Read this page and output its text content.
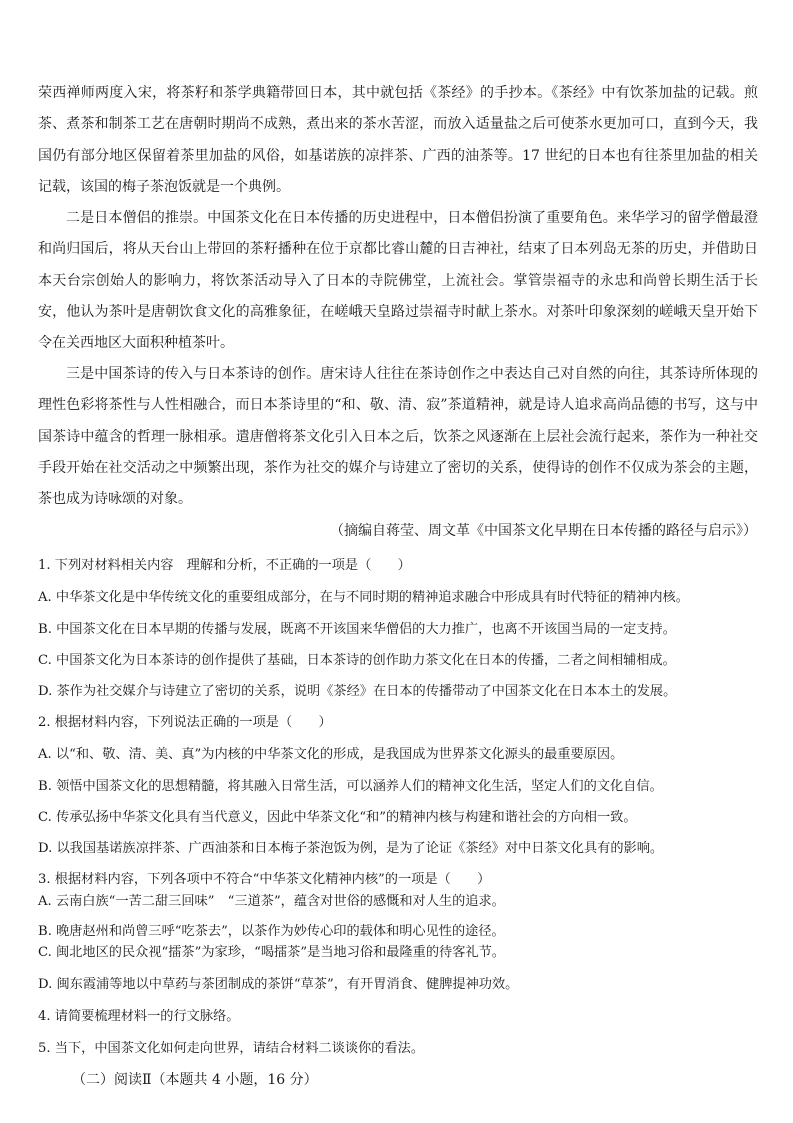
荣西禅师两度入宋，将茶籽和茶学典籍带回日本，其中就包括《茶经》的手抄本。《茶经》中有饮茶加盐的记载。煎茶、煮茶和制茶工艺在唐朝时期尚不成熟，煮出来的茶水苦涩，而放入适量盐之后可使茶水更加可口，直到今天，我国仍有部分地区保留着茶里加盐的风俗，如基诺族的凉拌茶、广西的油茶等。17 世纪的日本也有往茶里加盐的相关记载，该国的梅子茶泡饭就是一个典例。

二是日本僧侣的推崇。中国茶文化在日本传播的历史进程中，日本僧侣扮演了重要角色。来华学习的留学僧最澄和尚归国后，将从天台山上带回的茶籽播种在位于京都比睿山麓的日吉神社，结束了日本列岛无茶的历史，并借助日本天台宗创始人的影响力，将饮茶活动导入了日本的寺院佛堂，上流社会。掌管崇福寺的永忠和尚曾长期生活于长安，他认为茶叶是唐朝饮食文化的高雅象征，在嵯峨天皇路过崇福寺时献上茶水。对茶叶印象深刻的嵯峨天皇开始下令在关西地区大面积种植茶叶。

三是中国茶诗的传入与日本茶诗的创作。唐宋诗人往往在茶诗创作之中表达自己对自然的向往，其茶诗所体现的理性色彩将茶性与人性相融合，而日本茶诗里的“和、敬、清、寂”茶道精神，就是诗人追求高尚品德的书写，这与中国茶诗中蕴含的哲理一脉相承。遣唐僧将茶文化引入日本之后，饮茶之风逐渐在上层社会流行起来，茶作为一种社交手段开始在社交活动之中频繁出现，茶作为社交的媒介与诗建立了密切的关系，使得诗的创作不仅成为茶会的主题，茶也成为诗咏颂的对象。

（摘编自蒋莹、周文革《中国茶文化早期在日本传播的路径与启示》）

1. 下列对材料相关内容　理解和分析，不正确的一项是（　　）

A. 中华茶文化是中华传统文化的重要组成部分，在与不同时期的精神追求融合中形成具有时代特征的精神内核。

B. 中国茶文化在日本早期的传播与发展，既离不开该国来华僧侣的大力推广，也离不开该国当局的一定支持。

C. 中国茶文化为日本茶诗的创作提供了基础，日本茶诗的创作助力茶文化在日本的传播，二者之间相辅相成。

D. 茶作为社交媒介与诗建立了密切的关系，说明《茶经》在日本的传播带动了中国茶文化在日本本土的发展。

2. 根据材料内容，下列说法正确的一项是（　　）

A. 以“和、敬、清、美、真”为内核的中华茶文化的形成，是我国成为世界茶文化源头的最重要原因。

B. 领悟中国茶文化的思想精髓，将其融入日常生活，可以涵养人们的精神文化生活，坚定人们的文化自信。

C. 传承弘扬中华茶文化具有当代意义，因此中华茶文化“和”的精神内核与构建和谐社会的方向相一致。

D. 以我国基诺族凉拌茶、广西油茶和日本梅子茶泡饭为例，是为了论证《茶经》对中日茶文化具有的影响。

3. 根据材料内容，下列各项中不符合“中华茶文化精神内核”的一项是（　　）

A. 云南白族“一苦二甜三回味”　“三道茶”，蕴含对世俗的感慨和对人生的追求。

B. 晚唐赵州和尚曾三呼“吃茶去”，以茶作为妙传心印的载体和明心见性的途径。

C. 闽北地区的民众视“擂茶”为家珍，“喝擂茶”是当地习俗和最隆重的待客礼节。

D. 闽东霞浦等地以中草药与茶团制成的茶饼“草茶”，有开胃消食、健脾提神功效。

4. 请简要梳理材料一的行文脉络。

5. 当下，中国茶文化如何走向世界，请结合材料二谈谈你的看法。

（二）阅读Ⅱ（本题共 4 小题，16 分）
